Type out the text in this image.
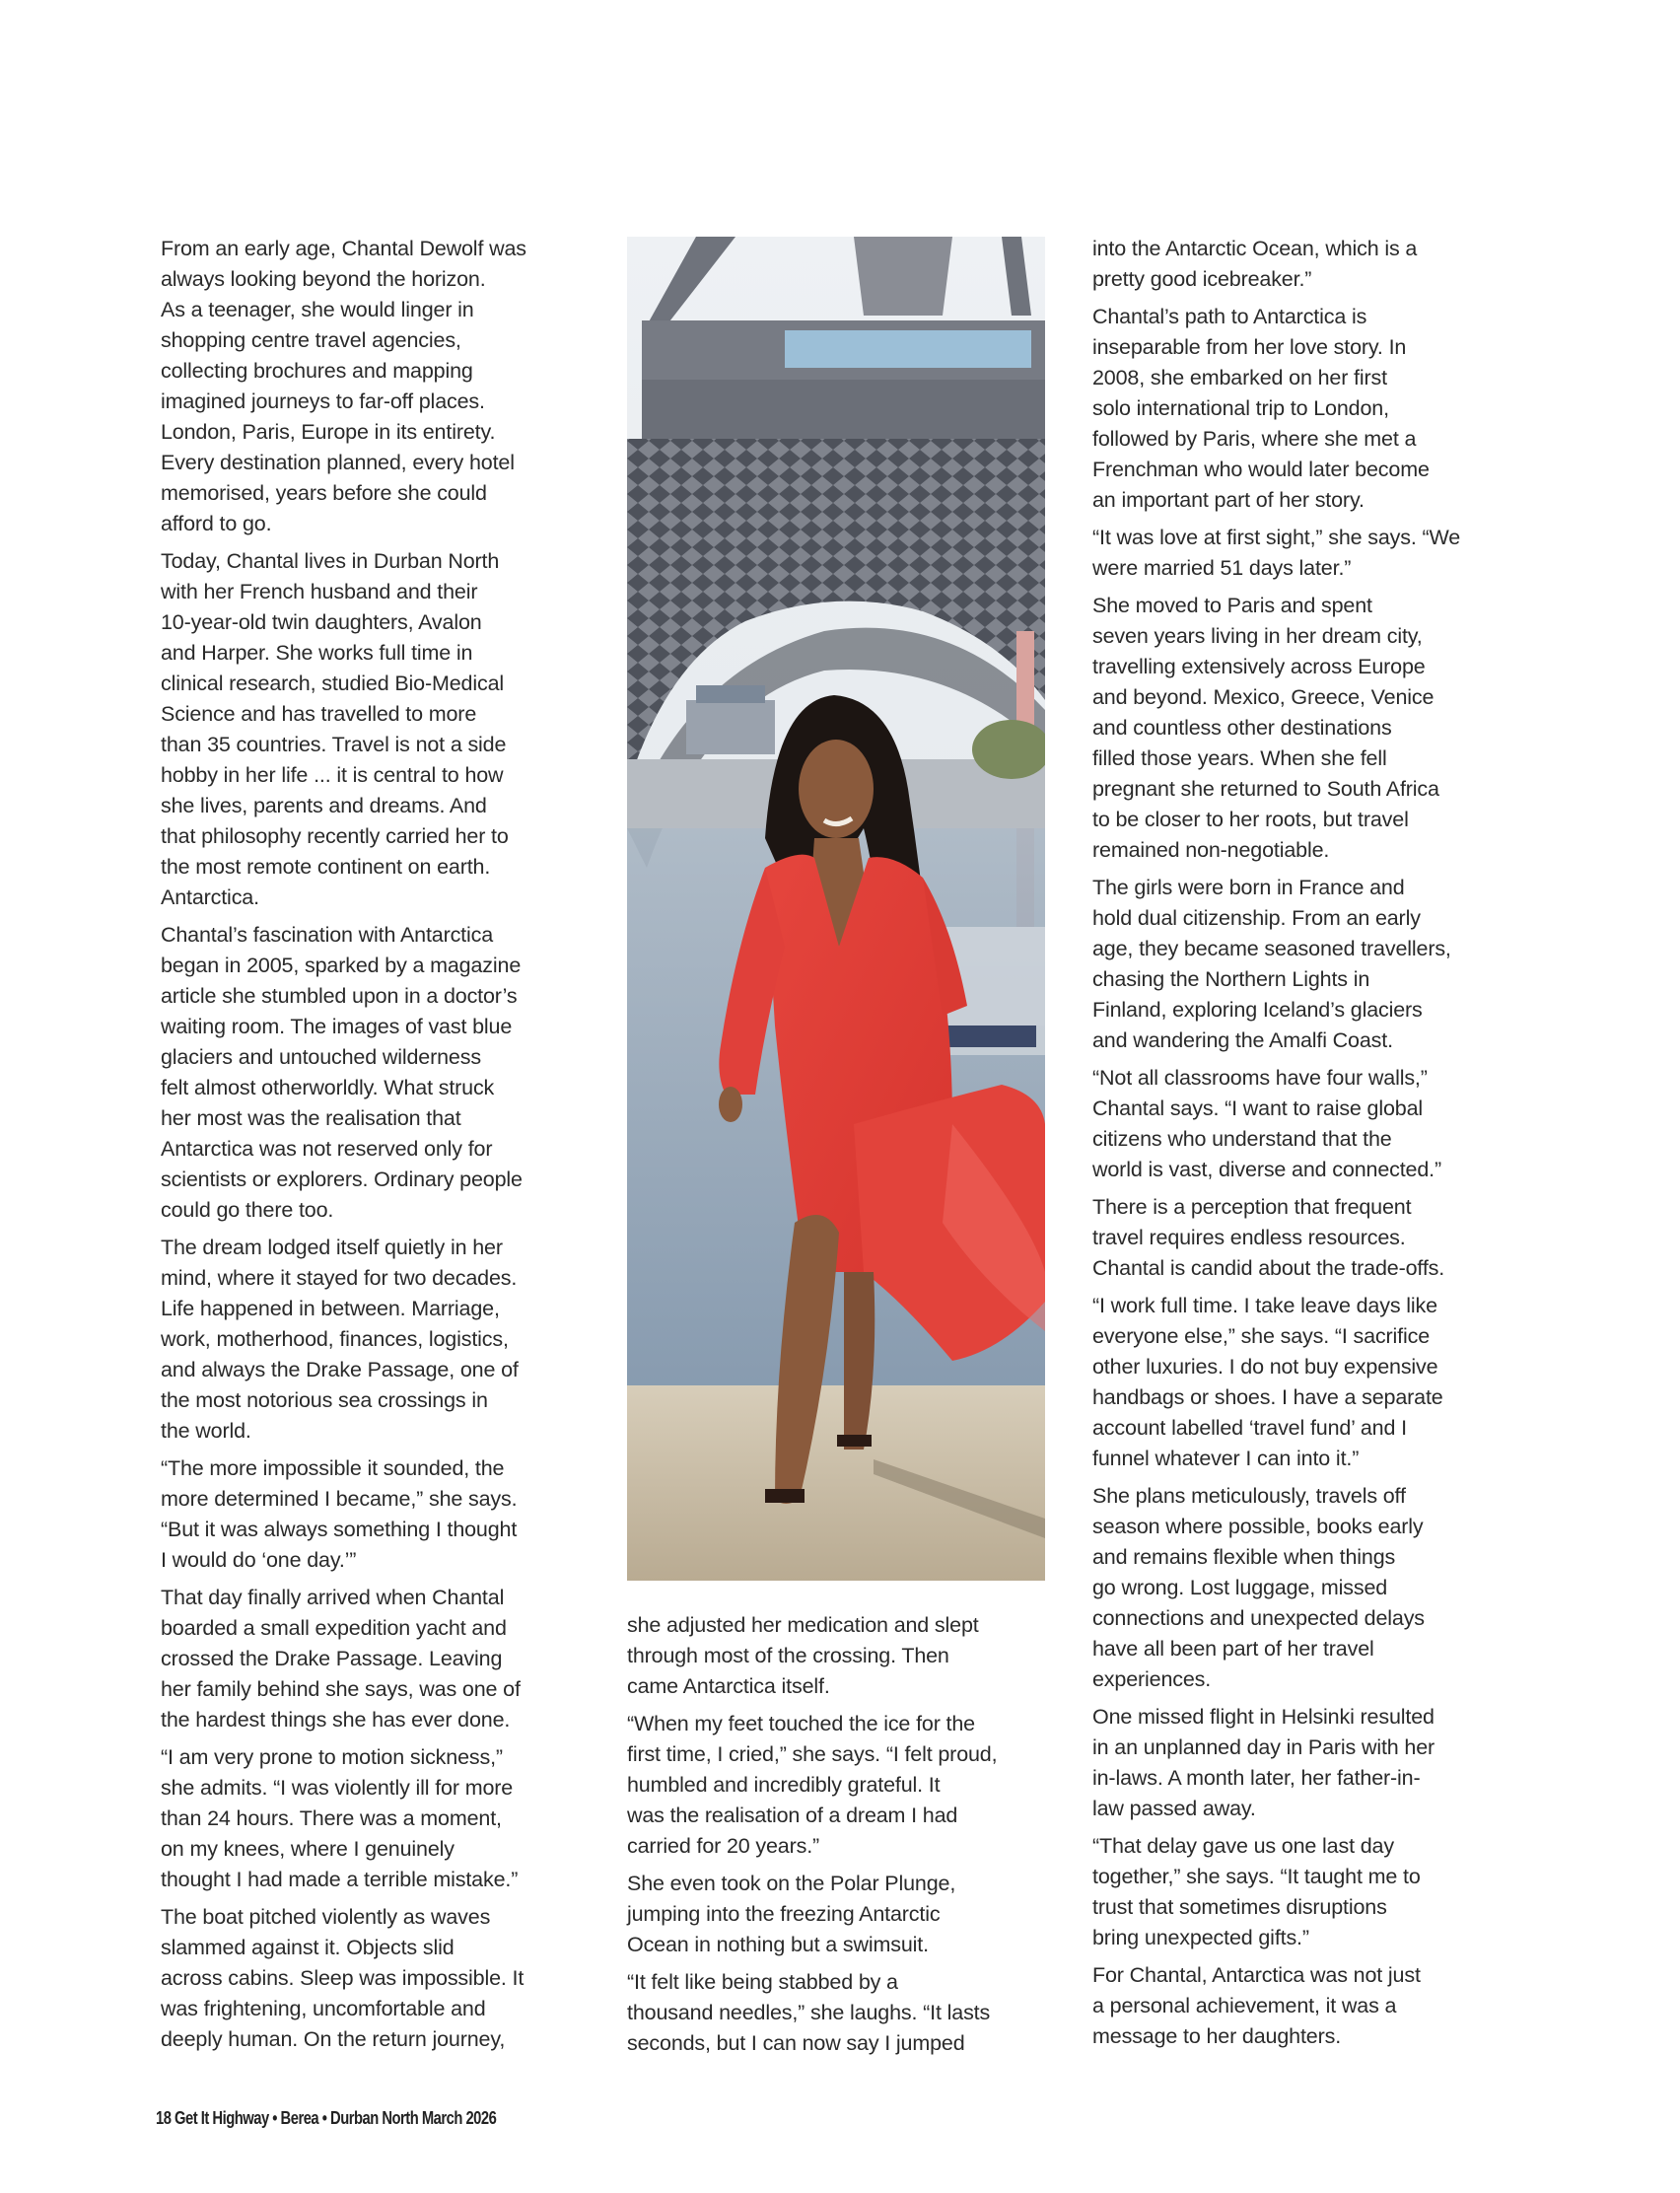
From an early age, Chantal Dewolf was
always looking beyond the horizon.
As a teenager, she would linger in
shopping centre travel agencies,
collecting brochures and mapping
imagined journeys to far-off places.
London, Paris, Europe in its entirety.
Every destination planned, every hotel
memorised, years before she could
afford to go.

Today, Chantal lives in Durban North
with her French husband and their
10-year-old twin daughters, Avalon
and Harper. She works full time in
clinical research, studied Bio-Medical
Science and has travelled to more
than 35 countries. Travel is not a side
hobby in her life ... it is central to how
she lives, parents and dreams. And
that philosophy recently carried her to
the most remote continent on earth.
Antarctica.

Chantal’s fascination with Antarctica
began in 2005, sparked by a magazine
article she stumbled upon in a doctor’s
waiting room. The images of vast blue
glaciers and untouched wilderness
felt almost otherworldly. What struck
her most was the realisation that
Antarctica was not reserved only for
scientists or explorers. Ordinary people
could go there too.

The dream lodged itself quietly in her
mind, where it stayed for two decades.
Life happened in between. Marriage,
work, motherhood, finances, logistics,
and always the Drake Passage, one of
the most notorious sea crossings in
the world.

“The more impossible it sounded, the
more determined I became,” she says.
“But it was always something I thought
I would do ‘one day.’”

That day finally arrived when Chantal
boarded a small expedition yacht and
crossed the Drake Passage. Leaving
her family behind she says, was one of
the hardest things she has ever done.

“I am very prone to motion sickness,”
she admits. “I was violently ill for more
than 24 hours. There was a moment,
on my knees, where I genuinely
thought I had made a terrible mistake.”

The boat pitched violently as waves
slammed against it. Objects slid
across cabins. Sleep was impossible. It
was frightening, uncomfortable and
deeply human. On the return journey,

she adjusted her medication and slept
through most of the crossing. Then
came Antarctica itself.

“When my feet touched the ice for the
first time, I cried,” she says. “I felt proud,
humbled and incredibly grateful. It
was the realisation of a dream I had
carried for 20 years.”

She even took on the Polar Plunge,
jumping into the freezing Antarctic
Ocean in nothing but a swimsuit.

“It felt like being stabbed by a
thousand needles,” she laughs. “It lasts
seconds, but I can now say I jumped

into the Antarctic Ocean, which is a
pretty good icebreaker.”

Chantal’s path to Antarctica is
inseparable from her love story. In
2008, she embarked on her first
solo international trip to London,
followed by Paris, where she met a
Frenchman who would later become
an important part of her story.

“It was love at first sight,” she says. “We
were married 51 days later.”

She moved to Paris and spent
seven years living in her dream city,
travelling extensively across Europe
and beyond. Mexico, Greece, Venice
and countless other destinations
filled those years. When she fell
pregnant she returned to South Africa
to be closer to her roots, but travel
remained non-negotiable.

The girls were born in France and
hold dual citizenship. From an early
age, they became seasoned travellers,
chasing the Northern Lights in
Finland, exploring Iceland’s glaciers
and wandering the Amalfi Coast.

“Not all classrooms have four walls,”
Chantal says. “I want to raise global
citizens who understand that the
world is vast, diverse and connected.”

There is a perception that frequent
travel requires endless resources.
Chantal is candid about the trade-offs.

“I work full time. I take leave days like
everyone else,” she says. “I sacrifice
other luxuries. I do not buy expensive
handbags or shoes. I have a separate
account labelled ‘travel fund’ and I
funnel whatever I can into it.”

She plans meticulously, travels off
season where possible, books early
and remains flexible when things
go wrong. Lost luggage, missed
connections and unexpected delays
have all been part of her travel
experiences.

One missed flight in Helsinki resulted
in an unplanned day in Paris with her
in-laws. A month later, her father-in-
law passed away.

“That delay gave us one last day
together,” she says. “It taught me to
trust that sometimes disruptions
bring unexpected gifts.”

For Chantal, Antarctica was not just
a personal achievement, it was a
message to her daughters.

18 Get It Highway • Berea • Durban North March 2026
